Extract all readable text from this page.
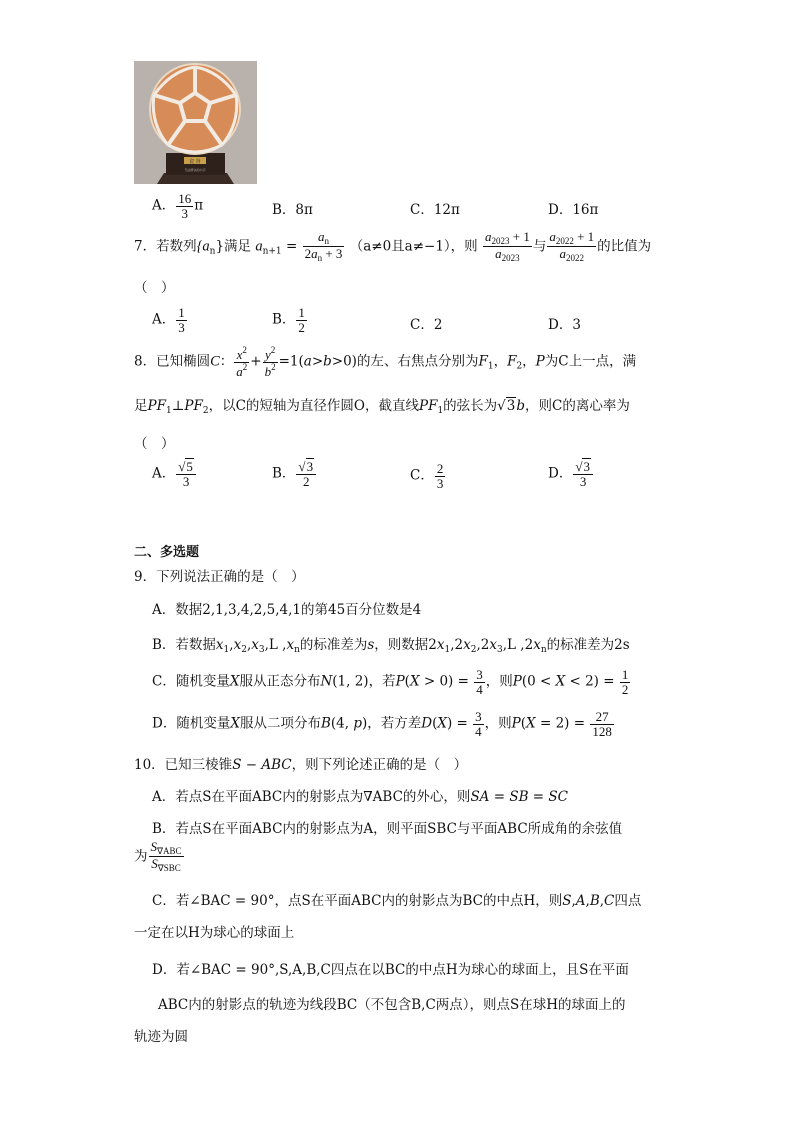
瓷 肾
无法辨认的小字
A． $\frac{16}{3}$ π	B．8π	C．12π	D．16π
7．若数列$\{a_n\}$满足 $a_{n+1} = \frac{a_n}{2a_n + 3} (a\ne 0$且a≠−1），则 $\frac{a_{2023} + 1}{a_{2023}}$ 与 $\frac{a_{2022} + 1}{a_{2022}}$ 的比值为
（　）
A． $\frac{1}{3}$	B． $\frac{1}{2}$	C．2	D．3
8．已知椭圆C： $\frac{x^2}{a^2} + \frac{y^2}{b^2} =1(a>b>0)$的左、右焦点分别为$F_1$，$F_2$，P为C上一点，满
足$PF_1\perp PF_2$，以C的短轴为直径作圆O，截直线$PF_1$的弦长为√3b，则C的离心率为
（　）
A． $\frac{√5}{3}$	B． $\frac{√3}{2}$	C． $\frac{2}{3}$	D． $\frac{√3}{3}$
二、多选题
9．下列说法正确的是（　）
A．数据2,1,3,4,2,5,4,1的第45百分位数是4
B．若数据$x_1,x_2,x_3,L$ $,x_n$的标准差为s，则数据$2x_1,2x_2,2x_3,L$ $,2x_n$的标准差为2s
C．随机变量X服从正态分布N(1, 2)，若$P(X > 0) = \frac{3}{4}$ ，则$P(0 < X < 2) = \frac{1}{2}$
D．随机变量X服从二项分布B(4, p)，若方差$D(X) = \frac{3}{4}$ ，则$P(X = 2) = \frac{27}{128}$
10．已知三棱锥S − ABC，则下列论述正确的是（　）
A．若点S在平面ABC内的射影点为∇ABC的外心，则SA = SB = SC
B．若点S在平面ABC内的射影点为A，则平面SBC与平面ABC所成角的余弦值
为 $\frac{S_{\nabla ABC}}{S_{\nabla SBC}}$
C．若∠BAC = 90°，点S在平面ABC内的射影点为BC的中点H，则S,A,B,C四点
一定在以H为球心的球面上
D．若∠BAC = 90°,S,A,B,C四点在以BC的中点H为球心的球面上，且S在平面
ABC内的射影点的轨迹为线段BC（不包含B,C两点），则点S在球H的球面上的
轨迹为圆
